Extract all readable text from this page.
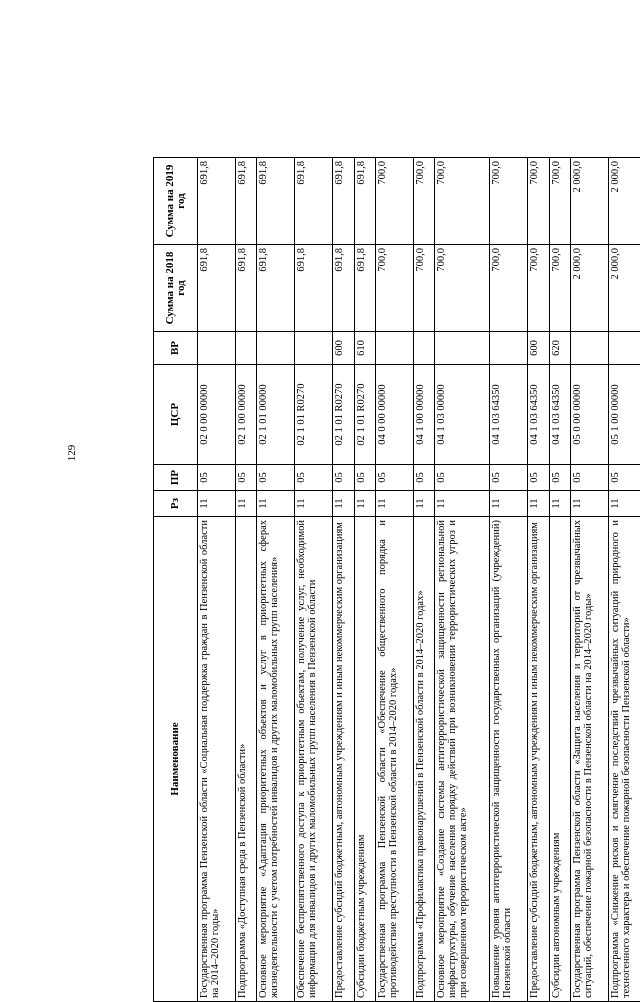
129
Наименование	Рз	ПР	ЦСР	ВР	Сумма на 2018 год	Сумма на 2019 год
Государственная программа Пензенской области «Социальная поддержка граждан в Пензенской области на 2014–2020 годы»	11	05	02 0 00 00000		691,8	691,8
Подпрограмма «Доступная среда в Пензенской области»	11	05	02 1 00 00000		691,8	691,8
Основное мероприятие «Адаптация приоритетных объектов и услуг в приоритетных сферах жизнедеятельности с учетом потребностей инвалидов и других маломобильных групп населения»	11	05	02 1 01 00000		691,8	691,8
Обеспечение беспрепятственного доступа к приоритетным объектам, получение услуг, необходимой информации для инвалидов и других маломобильных групп населения в Пензенской области	11	05	02 1 01 R0270		691,8	691,8
Предоставление субсидий бюджетным, автономным учреждениям и иным некоммерческим организациям	11	05	02 1 01 R0270	600	691,8	691,8
Субсидии бюджетным учреждениям	11	05	02 1 01 R0270	610	691,8	691,8
Государственная программа Пензенской области «Обеспечение общественного порядка и противодействие преступности в Пензенской области в 2014–2020 годах»	11	05	04 0 00 00000		700,0	700,0
Подпрограмма «Профилактика правонарушений в Пензенской области в 2014–2020 годах»	11	05	04 1 00 00000		700,0	700,0
Основное мероприятие «Создание системы антитеррористической защищенности региональной инфраструктуры, обучение населения порядку действий при возникновении террористических угроз и при совершенном террористическом акте»	11	05	04 1 03 00000		700,0	700,0
Повышение уровня антитеррористической защищенности государственных организаций (учреждений) Пензенской области	11	05	04 1 03 64350		700,0	700,0
Предоставление субсидий бюджетным, автономным учреждениям и иным некоммерческим организациям	11	05	04 1 03 64350	600	700,0	700,0
Субсидии автономным учреждениям	11	05	04 1 03 64350	620	700,0	700,0
Государственная программа Пензенской области «Защита населения и территорий от чрезвычайных ситуаций, обеспечение пожарной безопасности в Пензенской области на 2014–2020 годы»	11	05	05 0 00 00000		2 000,0	2 000,0
Подпрограмма «Снижение рисков и смягчение последствий чрезвычайных ситуаций природного и техногенного характера и обеспечение пожарной безопасности Пензенской области»	11	05	05 1 00 00000		2 000,0	2 000,0
